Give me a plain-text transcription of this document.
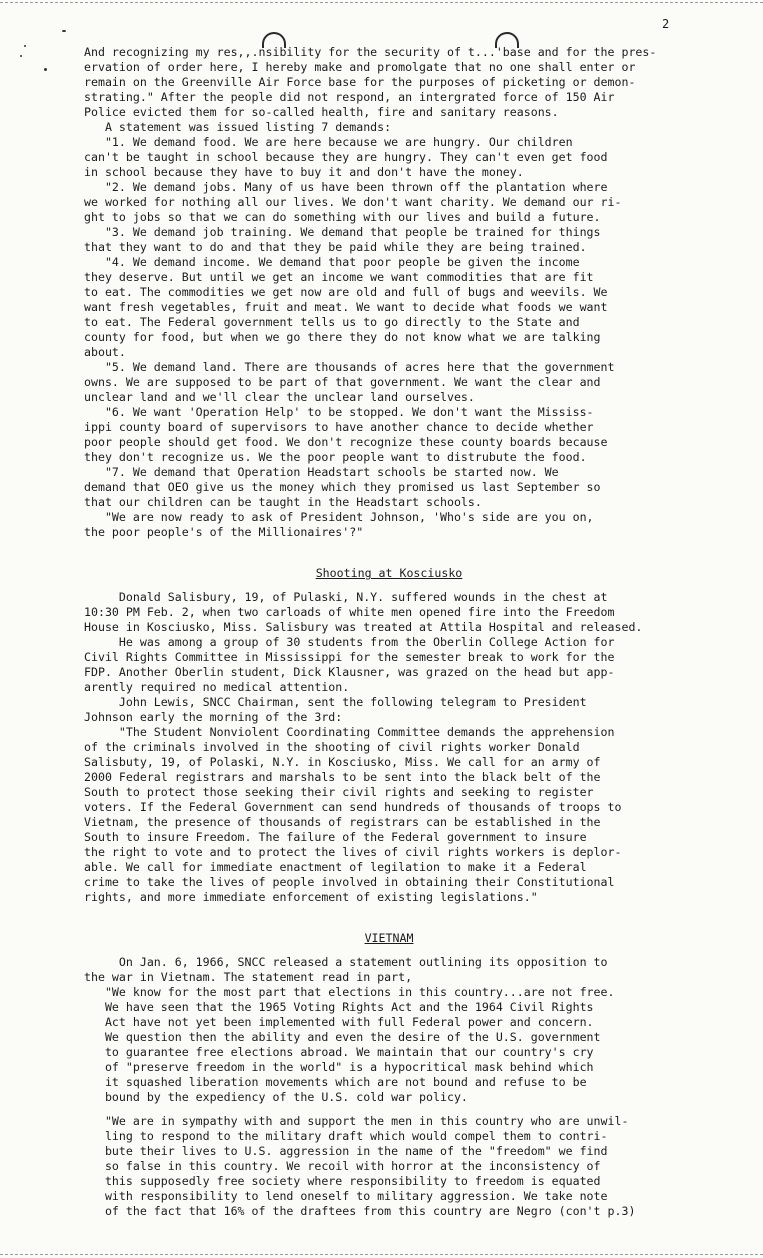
2
And recognizing my res,,.nsibility for the security of t...'base and for the pres-
ervation of order here, I hereby make and promolgate that no one shall enter or
remain on the Greenville Air Force base for the purposes of picketing or demon-
strating." After the people did not respond, an intergrated force of 150 Air
Police evicted them for so-called health, fire and sanitary reasons.
A statement was issued listing 7 demands:
"1. We demand food. We are here because we are hungry. Our children
can't be taught in school because they are hungry. They can't even get food
in school because they have to buy it and don't have the money.
"2. We demand jobs. Many of us have been thrown off the plantation where
we worked for nothing all our lives. We don't want charity. We demand our ri-
ght to jobs so that we can do something with our lives and build a future.
"3. We demand job training. We demand that people be trained for things
that they want to do and that they be paid while they are being trained.
"4. We demand income. We demand that poor people be given the income
they deserve. But until we get an income we want commodities that are fit
to eat. The commodities we get now are old and full of bugs and weevils. We
want fresh vegetables, fruit and meat. We want to decide what foods we want
to eat. The Federal government tells us to go directly to the State and
county for food, but when we go there they do not know what we are talking
about.
"5. We demand land. There are thousands of acres here that the government
owns. We are supposed to be part of that government. We want the clear and
unclear land and we'll clear the unclear land ourselves.
"6. We want 'Operation Help' to be stopped. We don't want the Mississ-
ippi county board of supervisors to have another chance to decide whether
poor people should get food. We don't recognize these county boards because
they don't recognize us. We the poor people want to distrubute the food.
"7. We demand that Operation Headstart schools be started now. We
demand that OEO give us the money which they promised us last September so
that our children can be taught in the Headstart schools.
"We are now ready to ask of President Johnson, 'Who's side are you on,
the poor people's of the Millionaires'?"
Shooting at Kosciusko
Donald Salisbury, 19, of Pulaski, N.Y. suffered wounds in the chest at
10:30 PM Feb. 2, when two carloads of white men opened fire into the Freedom
House in Kosciusko, Miss. Salisbury was treated at Attila Hospital and released.
He was among a group of 30 students from the Oberlin College Action for
Civil Rights Committee in Mississippi for the semester break to work for the
FDP. Another Oberlin student, Dick Klausner, was grazed on the head but app-
arently required no medical attention.
John Lewis, SNCC Chairman, sent the following telegram to President
Johnson early the morning of the 3rd:
"The Student Nonviolent Coordinating Committee demands the apprehension
of the criminals involved in the shooting of civil rights worker Donald
Salisbuty, 19, of Polaski, N.Y. in Kosciusko, Miss. We call for an army of
2000 Federal registrars and marshals to be sent into the black belt of the
South to protect those seeking their civil rights and seeking to register
voters. If the Federal Government can send hundreds of thousands of troops to
Vietnam, the presence of thousands of registrars can be established in the
South to insure Freedom. The failure of the Federal government to insure
the right to vote and to protect the lives of civil rights workers is deplor-
able. We call for immediate enactment of legilation to make it a Federal
crime to take the lives of people involved in obtaining their Constitutional
rights, and more immediate enforcement of existing legislations."
VIETNAM
On Jan. 6, 1966, SNCC released a statement outlining its opposition to
the war in Vietnam. The statement read in part,
"We know for the most part that elections in this country...are not free.
We have seen that the 1965 Voting Rights Act and the 1964 Civil Rights
Act have not yet been implemented with full Federal power and concern.
We question then the ability and even the desire of the U.S. government
to guarantee free elections abroad. We maintain that our country's cry
of "preserve freedom in the world" is a hypocritical mask behind which
it squashed liberation movements which are not bound and refuse to be
bound by the expediency of the U.S. cold war policy.
"We are in sympathy with and support the men in this country who are unwil-
ling to respond to the military draft which would compel them to contri-
bute their lives to U.S. aggression in the name of the "freedom" we find
so false in this country. We recoil with horror at the inconsistency of
this supposedly free society where responsibility to freedom is equated
with responsibility to lend oneself to military aggression. We take note
of the fact that 16% of the draftees from this country are Negro (con't p.3)
